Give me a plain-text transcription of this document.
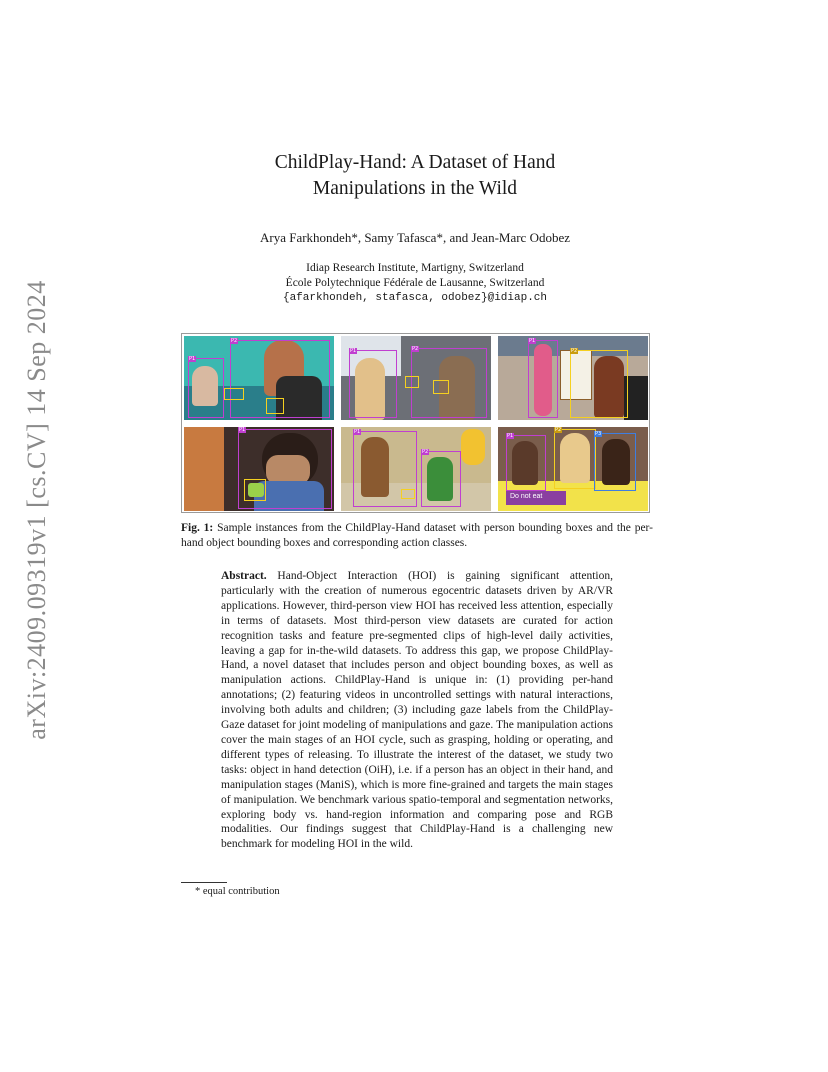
arXiv:2409.09319v1 [cs.CV] 14 Sep 2024
ChildPlay-Hand: A Dataset of Hand
Manipulations in the Wild
Arya Farkhondeh*, Samy Tafasca*, and Jean-Marc Odobez
Idiap Research Institute, Martigny, Switzerland
École Polytechnique Fédérale de Lausanne, Switzerland
{afarkhondeh, stafasca, odobez}@idiap.ch
P1
P2
P1	P2
P1
P2
P1	P1
P2
P1
P2
P3
Do not eat
Fig. 1: Sample instances from the ChildPlay-Hand dataset with person bounding boxes and the per-hand object bounding boxes and corresponding action classes.
Abstract. Hand-Object Interaction (HOI) is gaining significant attention, particularly with the creation of numerous egocentric datasets driven by AR/VR applications. However, third-person view HOI has received less attention, especially in terms of datasets. Most third-person view datasets are curated for action recognition tasks and feature pre-segmented clips of high-level daily activities, leaving a gap for in-the-wild datasets. To address this gap, we propose ChildPlay-Hand, a novel dataset that includes person and object bounding boxes, as well as manipulation actions. ChildPlay-Hand is unique in: (1) providing per-hand annotations; (2) featuring videos in uncontrolled settings with natural interactions, involving both adults and children; (3) including gaze labels from the ChildPlay-Gaze dataset for joint modeling of manipulations and gaze. The manipulation actions cover the main stages of an HOI cycle, such as grasping, holding or operating, and different types of releasing. To illustrate the interest of the dataset, we study two tasks: object in hand detection (OiH), i.e. if a person has an object in their hand, and manipulation stages (ManiS), which is more fine-grained and targets the main stages of manipulation. We benchmark various spatio-temporal and segmentation networks, exploring body vs. hand-region information and comparing pose and RGB modalities. Our findings suggest that ChildPlay-Hand is a challenging new benchmark for modeling HOI in the wild.
* equal contribution
